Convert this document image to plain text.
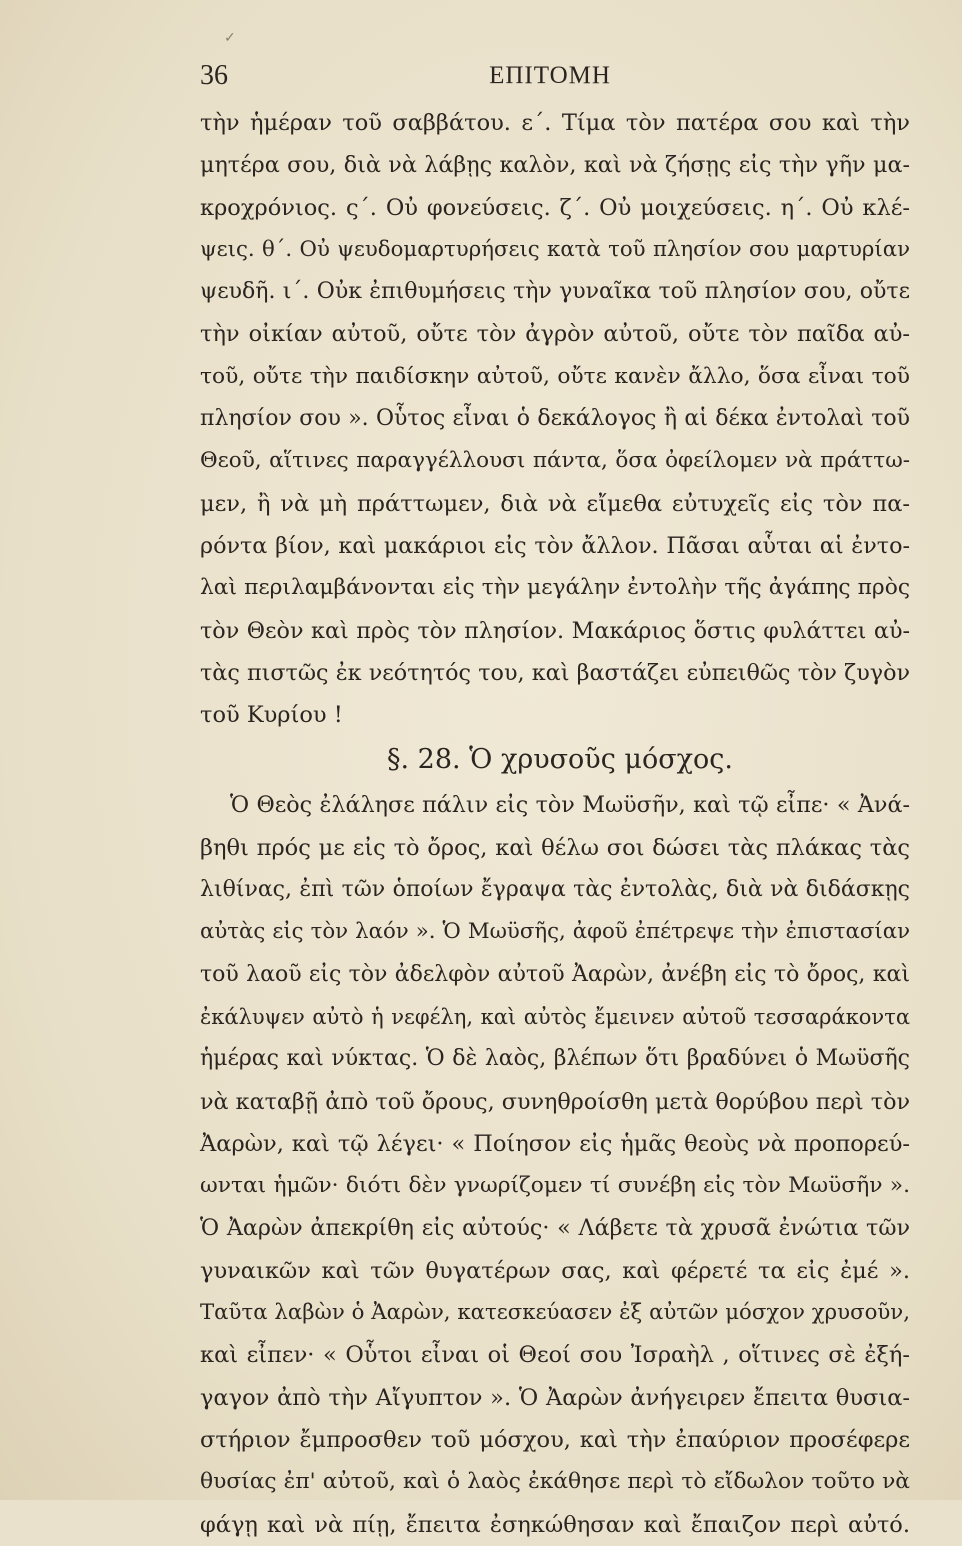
✓
36	ΕΠΙΤΟΜΗ
τὴν ἡμέραν τοῦ σαββάτου. ε΄. Τίμα τὸν πατέρα σου καὶ τὴν
μητέρα σου, διὰ νὰ λάβῃς καλὸν, καὶ νὰ ζήσῃς εἰς τὴν γῆν μα-
κροχρόνιος. ς΄. Οὐ φονεύσεις. ζ΄. Οὐ μοιχεύσεις. η΄. Οὐ κλέ-
ψεις. θ΄. Οὐ ψευδομαρτυρήσεις κατὰ τοῦ πλησίον σου μαρτυρίαν
ψευδῆ. ι΄. Οὐκ ἐπιθυμήσεις τὴν γυναῖκα τοῦ πλησίον σου, οὔτε
τὴν οἰκίαν αὐτοῦ, οὔτε τὸν ἀγρὸν αὐτοῦ, οὔτε τὸν παῖδα αὐ-
τοῦ, οὔτε τὴν παιδίσκην αὐτοῦ, οὔτε κανὲν ἄλλο, ὅσα εἶναι τοῦ
πλησίον σου ». Οὗτος εἶναι ὁ δεκάλογος ἢ αἱ δέκα ἐντολαὶ τοῦ
Θεοῦ, αἵτινες παραγγέλλουσι πάντα, ὅσα ὀφείλομεν νὰ πράττω-
μεν, ἢ νὰ μὴ πράττωμεν, διὰ νὰ εἴμεθα εὐτυχεῖς εἰς τὸν πα-
ρόντα βίον, καὶ μακάριοι εἰς τὸν ἄλλον. Πᾶσαι αὗται αἱ ἐντο-
λαὶ περιλαμβάνονται εἰς τὴν μεγάλην ἐντολὴν τῆς ἀγάπης πρὸς
τὸν Θεὸν καὶ πρὸς τὸν πλησίον. Μακάριος ὅστις φυλάττει αὐ-
τὰς πιστῶς ἐκ νεότητός του, καὶ βαστάζει εὐπειθῶς τὸν ζυγὸν
τοῦ Κυρίου !
§. 28. Ὁ χρυσοῦς μόσχος.
Ὁ Θεὸς ἐλάλησε πάλιν εἰς τὸν Μωϋσῆν, καὶ τῷ εἶπε· « Ἀνά-
βηθι πρός με εἰς τὸ ὄρος, καὶ θέλω σοι δώσει τὰς πλάκας τὰς
λιθίνας, ἐπὶ τῶν ὁποίων ἔγραψα τὰς ἐντολὰς, διὰ νὰ διδάσκῃς
αὐτὰς εἰς τὸν λαόν ». Ὁ Μωϋσῆς, ἀφοῦ ἐπέτρεψε τὴν ἐπιστασίαν
τοῦ λαοῦ εἰς τὸν ἀδελφὸν αὐτοῦ Ἀαρὼν, ἀνέβη εἰς τὸ ὄρος, καὶ
ἐκάλυψεν αὐτὸ ἡ νεφέλη, καὶ αὐτὸς ἔμεινεν αὐτοῦ τεσσαράκοντα
ἡμέρας καὶ νύκτας. Ὁ δὲ λαὸς, βλέπων ὅτι βραδύνει ὁ Μωϋσῆς
νὰ καταβῇ ἀπὸ τοῦ ὄρους, συνηθροίσθη μετὰ θορύβου περὶ τὸν
Ἀαρὼν, καὶ τῷ λέγει· « Ποίησον εἰς ἡμᾶς θεοὺς νὰ προπορεύ-
ωνται ἡμῶν· διότι δὲν γνωρίζομεν τί συνέβη εἰς τὸν Μωϋσῆν ».
Ὁ Ἀαρὼν ἀπεκρίθη εἰς αὐτούς· « Λάβετε τὰ χρυσᾶ ἐνώτια τῶν
γυναικῶν καὶ τῶν θυγατέρων σας, καὶ φέρετέ τα εἰς ἐμέ ».
Ταῦτα λαβὼν ὁ Ἀαρὼν, κατεσκεύασεν ἐξ αὐτῶν μόσχον χρυσοῦν,
καὶ εἶπεν· « Οὗτοι εἶναι οἱ Θεοί σου Ἰσραὴλ , οἵτινες σὲ ἐξή-
γαγον ἀπὸ τὴν Αἴγυπτον ». Ὁ Ἀαρὼν ἀνήγειρεν ἔπειτα θυσια-
στήριον ἔμπροσθεν τοῦ μόσχου, καὶ τὴν ἐπαύριον προσέφερε
θυσίας ἐπ' αὐτοῦ, καὶ ὁ λαὸς ἐκάθησε περὶ τὸ εἴδωλον τοῦτο νὰ
φάγῃ καὶ νὰ πίῃ, ἔπειτα ἐσηκώθησαν καὶ ἔπαιζον περὶ αὐτό.
